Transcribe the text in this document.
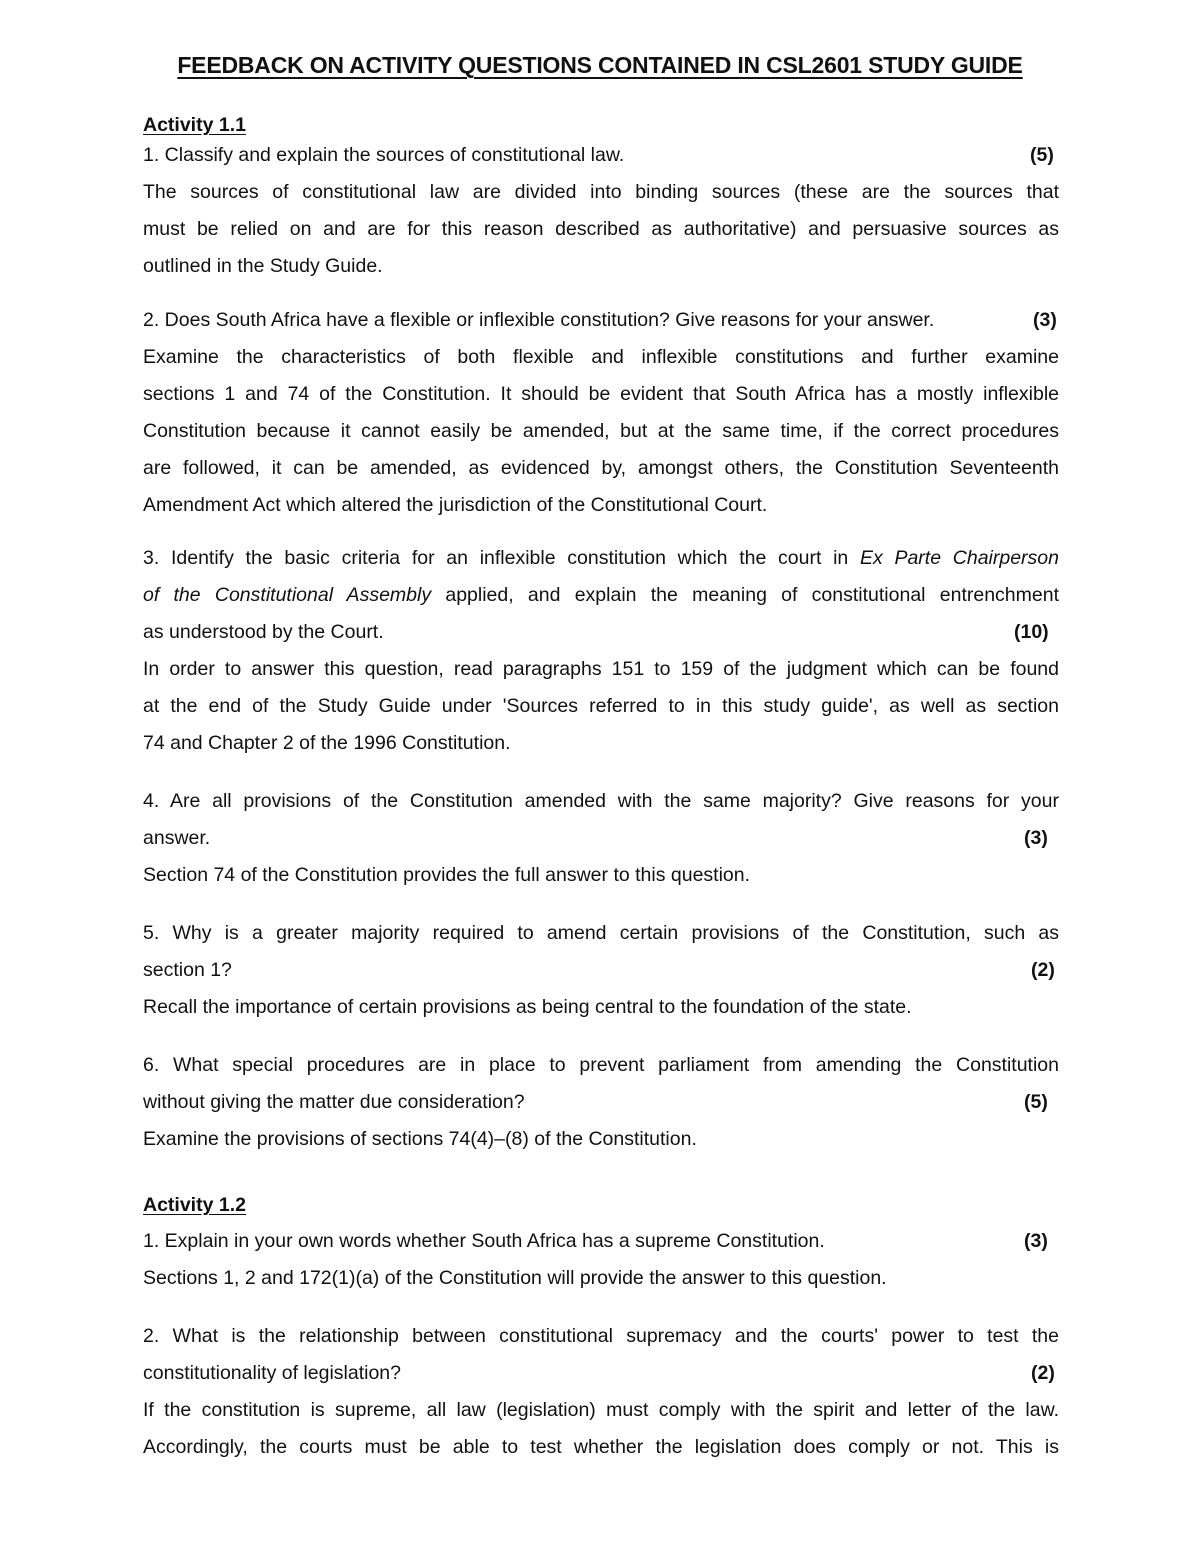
FEEDBACK ON ACTIVITY QUESTIONS CONTAINED IN CSL2601 STUDY GUIDE
Activity 1.1
1. Classify and explain the sources of constitutional law.	(5)
The sources of constitutional law are divided into binding sources (these are the sources that
must be relied on and are for this reason described as authoritative) and persuasive sources as
outlined in the Study Guide.
2. Does South Africa have a flexible or inflexible constitution? Give reasons for your answer.	(3)
Examine the characteristics of both flexible and inflexible constitutions and further examine
sections 1 and 74 of the Constitution. It should be evident that South Africa has a mostly inflexible
Constitution because it cannot easily be amended, but at the same time, if the correct procedures
are followed, it can be amended, as evidenced by, amongst others, the Constitution Seventeenth
Amendment Act which altered the jurisdiction of the Constitutional Court.
3. Identify the basic criteria for an inflexible constitution which the court in Ex Parte Chairperson
of the Constitutional Assembly applied, and explain the meaning of constitutional entrenchment
as understood by the Court.	(10)
In order to answer this question, read paragraphs 151 to 159 of the judgment which can be found
at the end of the Study Guide under 'Sources referred to in this study guide', as well as section
74 and Chapter 2 of the 1996 Constitution.
4. Are all provisions of the Constitution amended with the same majority? Give reasons for your
answer.	(3)
Section 74 of the Constitution provides the full answer to this question.
5. Why is a greater majority required to amend certain provisions of the Constitution, such as
section 1?	(2)
Recall the importance of certain provisions as being central to the foundation of the state.
6. What special procedures are in place to prevent parliament from amending the Constitution
without giving the matter due consideration?	(5)
Examine the provisions of sections 74(4)–(8) of the Constitution.
Activity 1.2
1. Explain in your own words whether South Africa has a supreme Constitution.	(3)
Sections 1, 2 and 172(1)(a) of the Constitution will provide the answer to this question.
2. What is the relationship between constitutional supremacy and the courts' power to test the
constitutionality of legislation?	(2)
If the constitution is supreme, all law (legislation) must comply with the spirit and letter of the law.
Accordingly, the courts must be able to test whether the legislation does comply or not. This is
